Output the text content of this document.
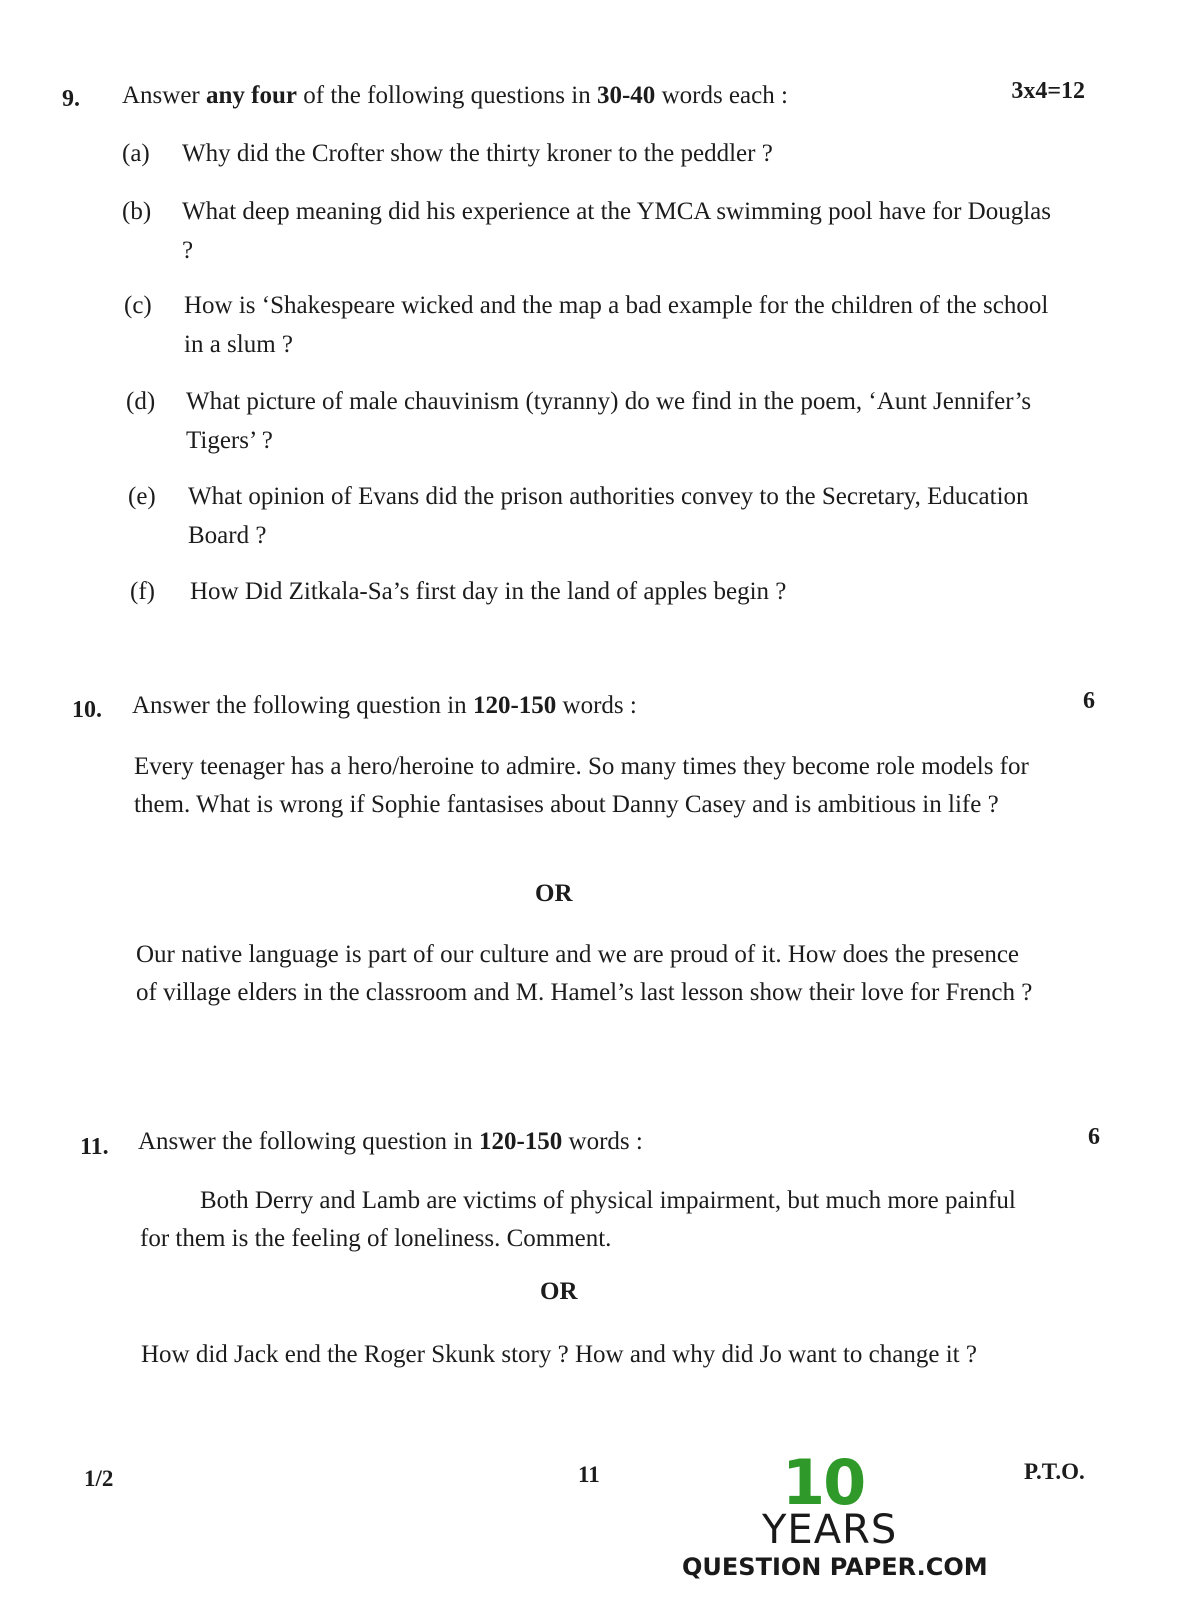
9. Answer any four of the following questions in 30-40 words each :	3x4=12
(a)	Why did the Crofter show the thirty kroner to the peddler ?
(b)	What deep meaning did his experience at the YMCA swimming pool have for Douglas ?
(c)	How is ‘Shakespeare wicked and the map a bad example for the children of the school in a slum ?
(d)	What picture of male chauvinism (tyranny) do we find in the poem, ‘Aunt Jennifer’s Tigers’ ?
(e)	What opinion of Evans did the prison authorities convey to the Secretary, Education Board ?
(f)	How Did Zitkala-Sa’s first day in the land of apples begin ?
10. Answer the following question in 120-150 words :	6
Every teenager has a hero/heroine to admire. So many times they become role models for them. What is wrong if Sophie fantasises about Danny Casey and is ambitious in life ?
OR
Our native language is part of our culture and we are proud of it. How does the presence of village elders in the classroom and M. Hamel’s last lesson show their love for French ?
11. Answer the following question in 120-150 words :	6
Both Derry and Lamb are victims of physical impairment, but much more painful for them is the feeling of loneliness. Comment.
OR
How did Jack end the Roger Skunk story ? How and why did Jo want to change it ?
1/2	11	P.T.O.
10
YEARS
QUESTION PAPER.COM
